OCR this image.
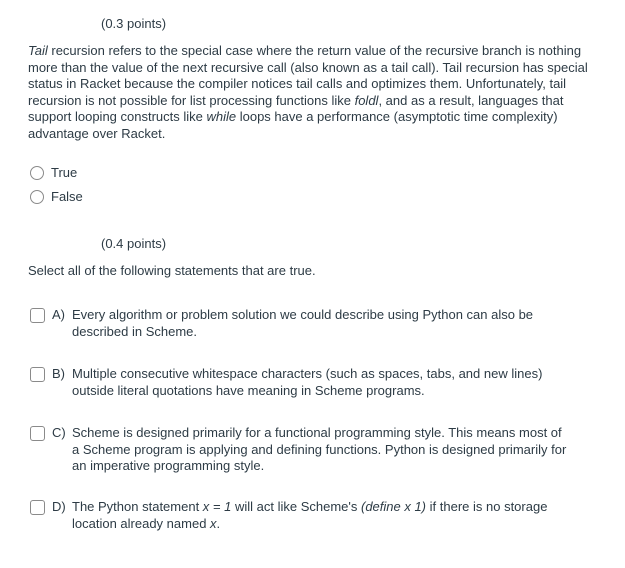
(0.3 points)
Tail recursion refers to the special case where the return value of the recursive branch is nothing more than the value of the next recursive call (also known as a tail call). Tail recursion has special status in Racket because the compiler notices tail calls and optimizes them. Unfortunately, tail recursion is not possible for list processing functions like foldl, and as a result, languages that support looping constructs like while loops have a performance (asymptotic time complexity) advantage over Racket.
True
False
(0.4 points)
Select all of the following statements that are true.
A) Every algorithm or problem solution we could describe using Python can also be described in Scheme.
B) Multiple consecutive whitespace characters (such as spaces, tabs, and new lines) outside literal quotations have meaning in Scheme programs.
C) Scheme is designed primarily for a functional programming style. This means most of a Scheme program is applying and defining functions. Python is designed primarily for an imperative programming style.
D) The Python statement x = 1 will act like Scheme's (define x 1) if there is no storage location already named x.
